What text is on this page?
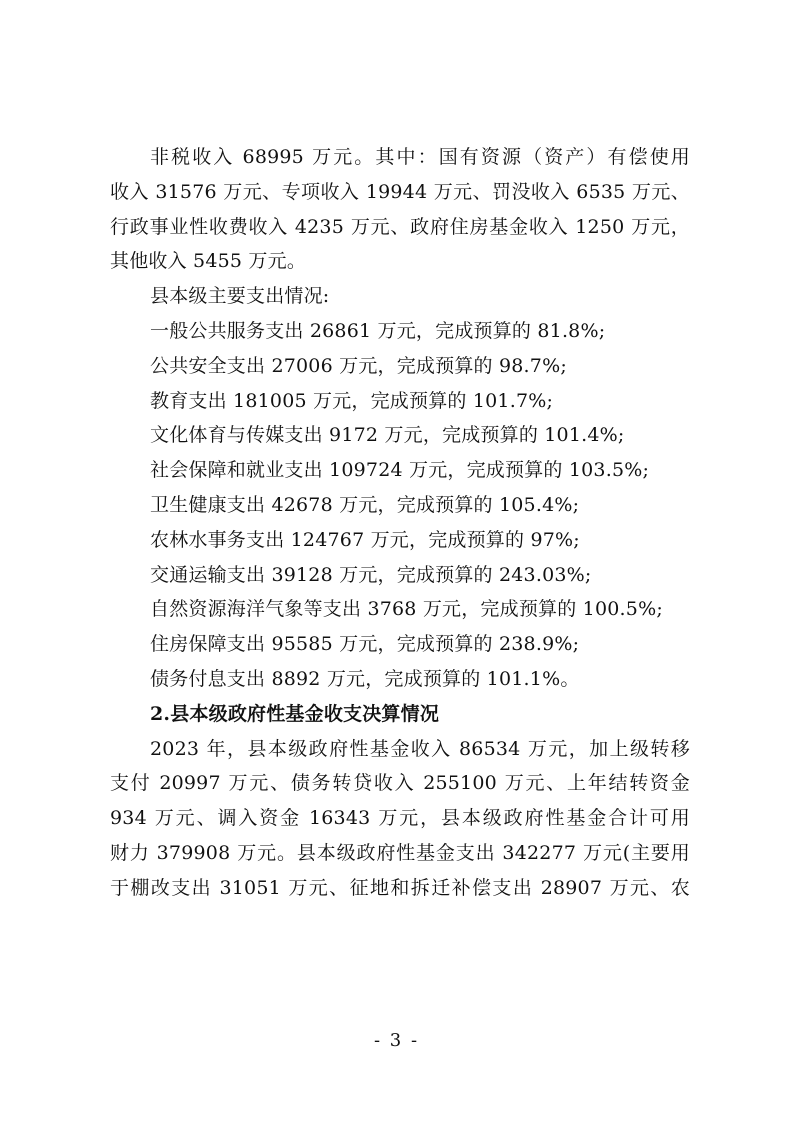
非税收入 68995 万元。其中：国有资源（资产）有偿使用
收入 31576 万元、专项收入 19944 万元、罚没收入 6535 万元、
行政事业性收费收入 4235 万元、政府住房基金收入 1250 万元，
其他收入 5455 万元。
县本级主要支出情况:
一般公共服务支出 26861 万元，完成预算的 81.8%;
公共安全支出 27006 万元，完成预算的 98.7%;
教育支出 181005 万元，完成预算的 101.7%;
文化体育与传媒支出 9172 万元，完成预算的 101.4%;
社会保障和就业支出 109724 万元，完成预算的 103.5%;
卫生健康支出 42678 万元，完成预算的 105.4%;
农林水事务支出 124767 万元，完成预算的 97%;
交通运输支出 39128 万元，完成预算的 243.03%;
自然资源海洋气象等支出 3768 万元，完成预算的 100.5%;
住房保障支出 95585 万元，完成预算的 238.9%;
债务付息支出 8892 万元，完成预算的 101.1%。
2.县本级政府性基金收支决算情况
2023 年，县本级政府性基金收入 86534 万元，加上级转移
支付 20997 万元、债务转贷收入 255100 万元、上年结转资金
934 万元、调入资金 16343 万元，县本级政府性基金合计可用
财力 379908 万元。县本级政府性基金支出 342277 万元(主要用
于棚改支出 31051 万元、征地和拆迁补偿支出 28907 万元、农
- 3 -
